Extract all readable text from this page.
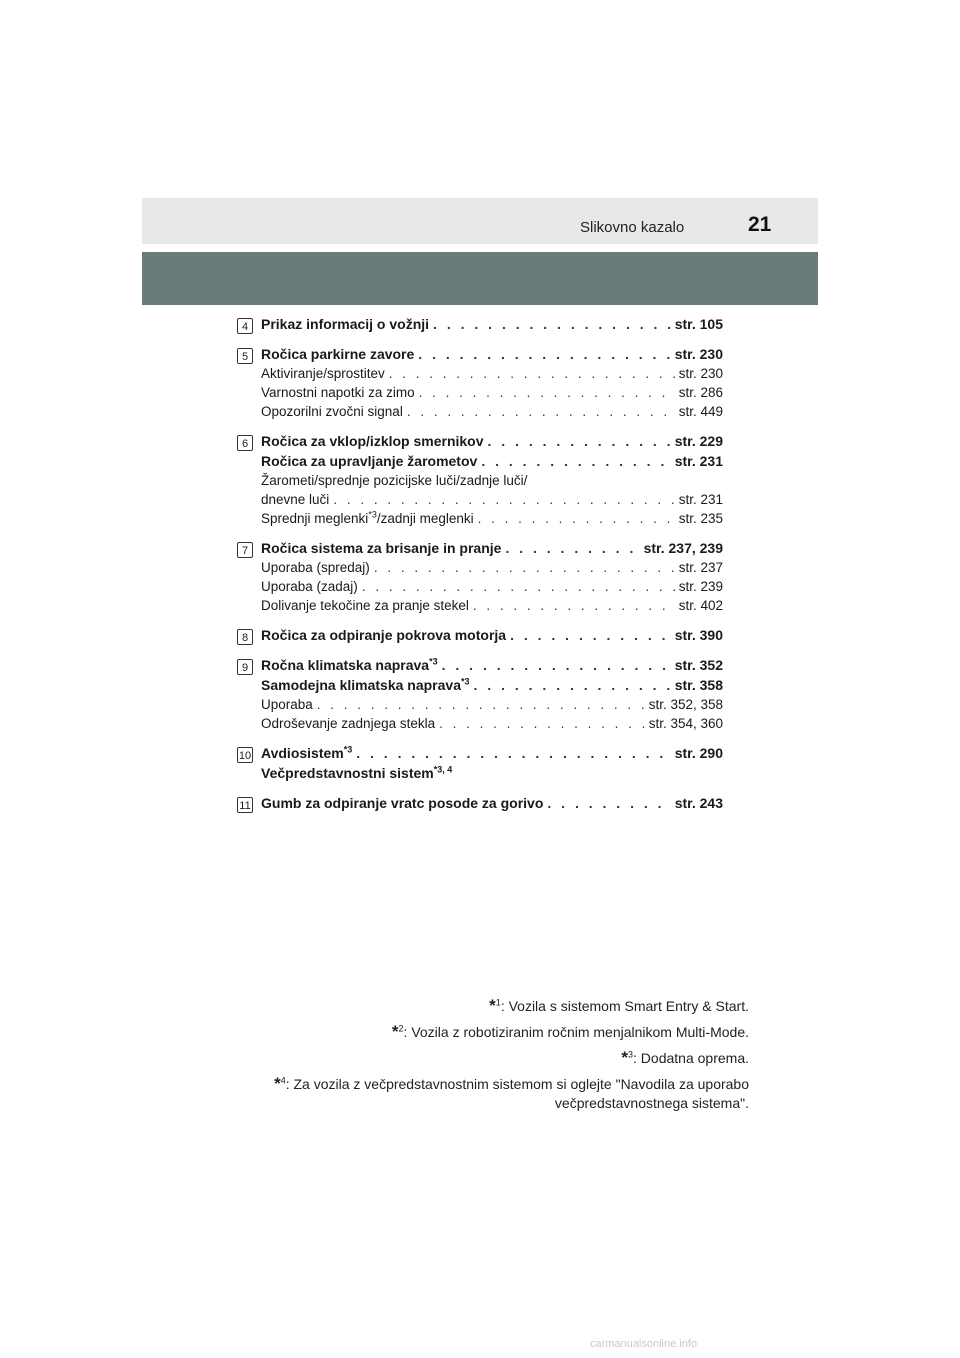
Slikovno kazalo	21
4 Prikaz informacij o vožnji . . .	str. 105
5 Ročica parkirne zavore . . .	str. 230
Aktiviranje/sprostitev . . .	str. 230
Varnostni napotki za zimo . . .	str. 286
Opozorilni zvočni signal . . .	str. 449
6 Ročica za vklop/izklop smernikov . . .	str. 229
Ročica za upravljanje žarometov . . .	str. 231
Žarometi/sprednje pozicijske luči/zadnje luči/
dnevne luči . . .	str. 231
Sprednji meglenki$^{*3}$/zadnji meglenki . . .	str. 235
7 Ročica sistema za brisanje in pranje . . .	str. 237, 239
Uporaba (spredaj) . . .	str. 237
Uporaba (zadaj) . . .	str. 239
Dolivanje tekočine za pranje stekel . . .	str. 402
8 Ročica za odpiranje pokrova motorja . . .	str. 390
9 Ročna klimatska naprava$^{*3}$ . . .	str. 352
Samodejna klimatska naprava$^{*3}$ . . .	str. 358
Uporaba . . .	str. 352, 358
Odroševanje zadnjega stekla . . .	str. 354, 360
10 Avdiosistem$^{*3}$ . . .	str. 290
Večpredstavnostni sistem$^{*3, 4}$
11 Gumb za odpiranje vratc posode za gorivo . . .	str. 243
*$^1$: Vozila s sistemom Smart Entry & Start.
*$^2$: Vozila z robotiziranim ročnim menjalnikom Multi-Mode.
*$^3$: Dodatna oprema.
*$^4$: Za vozila z večpredstavnostnim sistemom si oglejte "Navodila za uporabo večpredstavnostnega sistema".
carmanualsonline.info
